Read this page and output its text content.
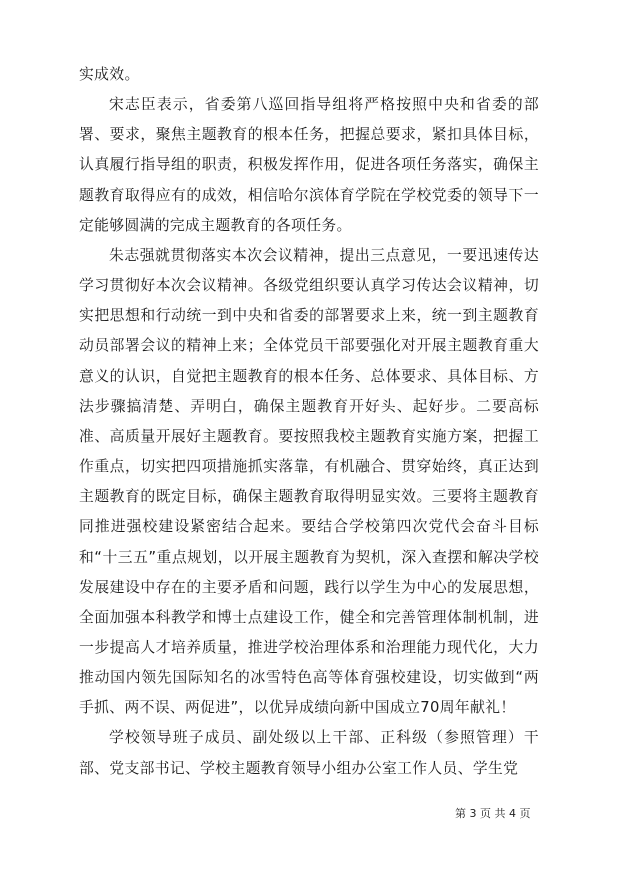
实成效。

宋志臣表示，省委第八巡回指导组将严格按照中央和省委的部署、要求，聚焦主题教育的根本任务，把握总要求，紧扣具体目标，认真履行指导组的职责，积极发挥作用，促进各项任务落实，确保主题教育取得应有的成效，相信哈尔滨体育学院在学校党委的领导下一定能够圆满的完成主题教育的各项任务。

朱志强就贯彻落实本次会议精神，提出三点意见，一要迅速传达学习贯彻好本次会议精神。各级党组织要认真学习传达会议精神，切实把思想和行动统一到中央和省委的部署要求上来，统一到主题教育动员部署会议的精神上来；全体党员干部要强化对开展主题教育重大意义的认识，自觉把主题教育的根本任务、总体要求、具体目标、方法步骤搞清楚、弄明白，确保主题教育开好头、起好步。二要高标准、高质量开展好主题教育。要按照我校主题教育实施方案，把握工作重点，切实把四项措施抓实落靠，有机融合、贯穿始终，真正达到主题教育的既定目标，确保主题教育取得明显实效。三要将主题教育同推进强校建设紧密结合起来。要结合学校第四次党代会奋斗目标和“十三五”重点规划，以开展主题教育为契机，深入查摆和解决学校发展建设中存在的主要矛盾和问题，践行以学生为中心的发展思想，全面加强本科教学和博士点建设工作，健全和完善管理体制机制，进一步提高人才培养质量，推进学校治理体系和治理能力现代化，大力推动国内领先国际知名的冰雪特色高等体育强校建设，切实做到“两手抓、两不误、两促进”，以优异成绩向新中国成立70周年献礼！

学校领导班子成员、副处级以上干部、正科级（参照管理）干部、党支部书记、学校主题教育领导小组办公室工作人员、学生党

第 3 页 共 4 页
